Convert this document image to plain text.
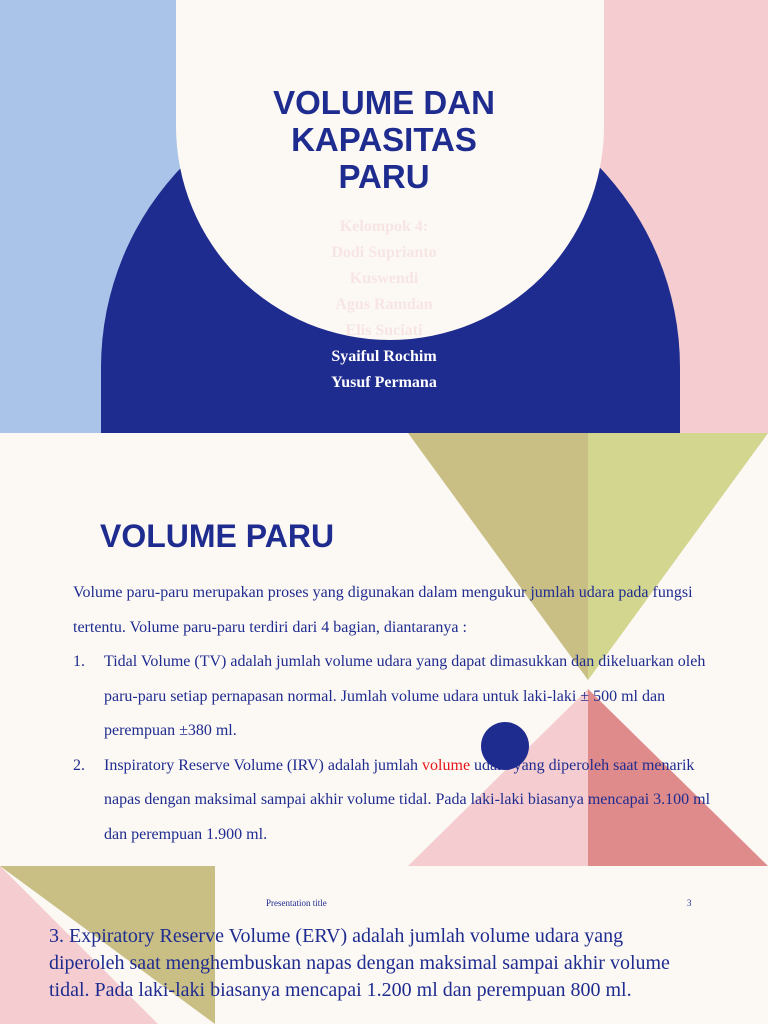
VOLUME DAN
KAPASITAS
PARU
Kelompok 4:
Dodi Suprianto
Kuswendi
Agus Ramdan
Elis Suciati
Syaiful Rochim
Yusuf Permana
VOLUME PARU

Volume paru-paru merupakan proses yang digunakan dalam mengukur jumlah udara pada fungsi tertentu. Volume paru-paru terdiri dari 4 bagian, diantaranya :

1. Tidal Volume (TV) adalah jumlah volume udara yang dapat dimasukkan dan dikeluarkan oleh paru-paru setiap pernapasan normal. Jumlah volume udara untuk laki-laki ± 500 ml dan perempuan ±380 ml.
2. Inspiratory Reserve Volume (IRV) adalah jumlah volume udara yang diperoleh saat menarik napas dengan maksimal sampai akhir volume tidal. Pada laki-laki biasanya mencapai 3.100 ml dan perempuan 1.900 ml.
Presentation title	3

3. Expiratory Reserve Volume (ERV) adalah jumlah volume udara yang diperoleh saat menghembuskan napas dengan maksimal sampai akhir volume tidal. Pada laki-laki biasanya mencapai 1.200 ml dan perempuan 800 ml.
